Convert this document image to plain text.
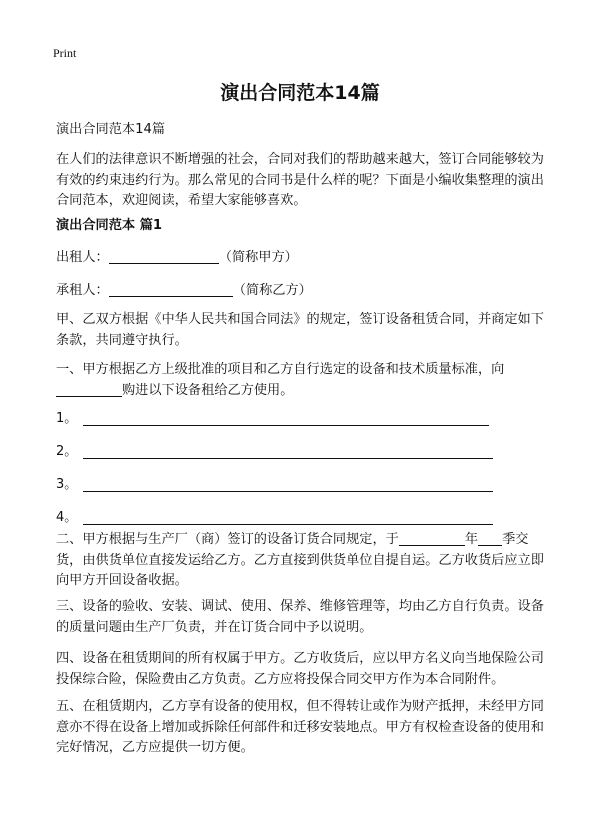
Print
演出合同范本14篇
演出合同范本14篇
在人们的法律意识不断增强的社会，合同对我们的帮助越来越大，签订合同能够较为有效的约束违约行为。那么常见的合同书是什么样的呢？下面是小编收集整理的演出合同范本，欢迎阅读，希望大家能够喜欢。
演出合同范本 篇1
出租人：	（简称甲方）
承租人：	（简称乙方）
甲、乙双方根据《中华人民共和国合同法》的规定，签订设备租赁合同，并商定如下条款，共同遵守执行。
一、甲方根据乙方上级批准的项目和乙方自行选定的设备和技术质量标准，向
购进以下设备租给乙方使用。
1。
2。
3。
4。
二、甲方根据与生产厂（商）签订的设备订货合同规定，于	年 季交货，由供货单位直接发运给乙方。乙方直接到供货单位自提自运。乙方收货后应立即向甲方开回设备收据。
三、设备的验收、安装、调试、使用、保养、维修管理等，均由乙方自行负责。设备的质量问题由生产厂负责，并在订货合同中予以说明。
四、设备在租赁期间的所有权属于甲方。乙方收货后，应以甲方名义向当地保险公司投保综合险，保险费由乙方负责。乙方应将投保合同交甲方作为本合同附件。
五、在租赁期内，乙方享有设备的使用权，但不得转让或作为财产抵押，未经甲方同意亦不得在设备上增加或拆除任何部件和迁移安装地点。甲方有权检查设备的使用和完好情况，乙方应提供一切方便。
